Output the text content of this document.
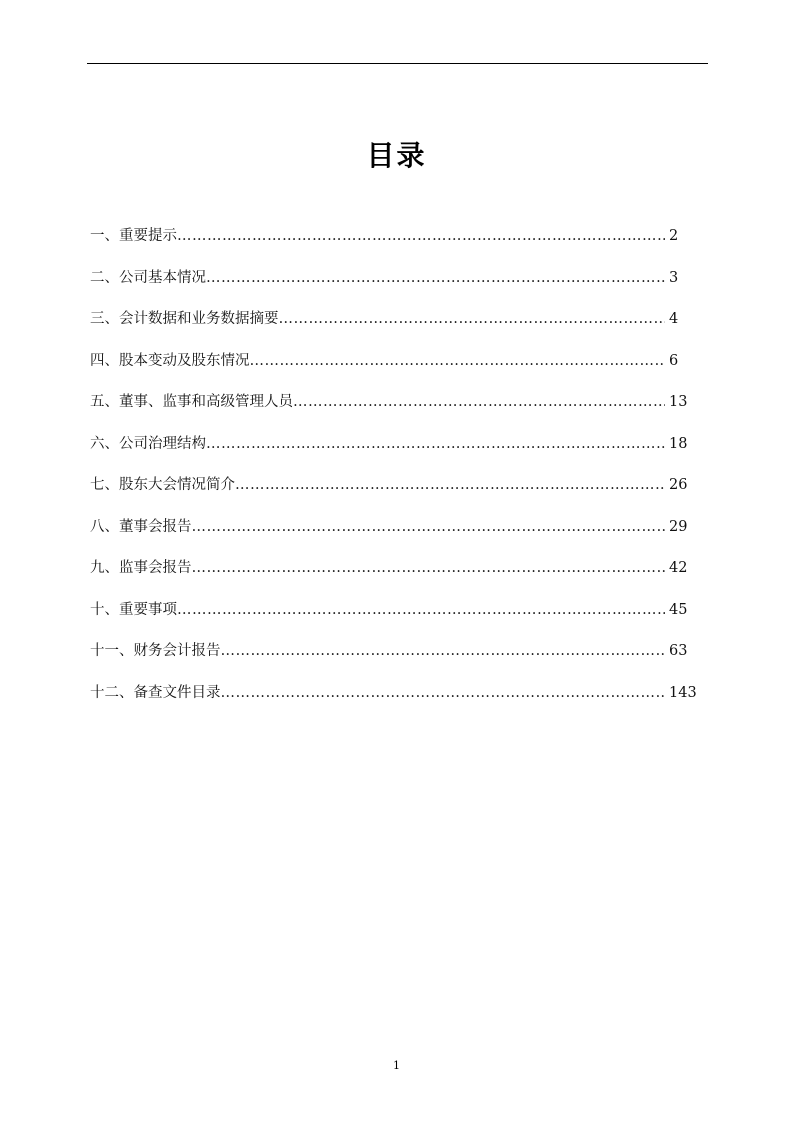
目录
一、重要提示 ……………………………………………………………………………………………………………………………………………………………………………………………………………	2
二、公司基本情况 ……………………………………………………………………………………………………………………………………………………………………………………………………………	3
三、会计数据和业务数据摘要 ……………………………………………………………………………………………………………………………………………………………………………………………………………	4
四、股本变动及股东情况 ……………………………………………………………………………………………………………………………………………………………………………………………………………	6
五、董事、监事和高级管理人员 ……………………………………………………………………………………………………………………………………………………………………………………………………………	13
六、公司治理结构 ……………………………………………………………………………………………………………………………………………………………………………………………………………	18
七、股东大会情况简介 ……………………………………………………………………………………………………………………………………………………………………………………………………………	26
八、董事会报告 ……………………………………………………………………………………………………………………………………………………………………………………………………………	29
九、监事会报告 ……………………………………………………………………………………………………………………………………………………………………………………………………………	42
十、重要事项 ……………………………………………………………………………………………………………………………………………………………………………………………………………	45
十一、财务会计报告 ……………………………………………………………………………………………………………………………………………………………………………………………………………	63
十二、备查文件目录 ……………………………………………………………………………………………………………………………………………………………………………………………………………	143
1
